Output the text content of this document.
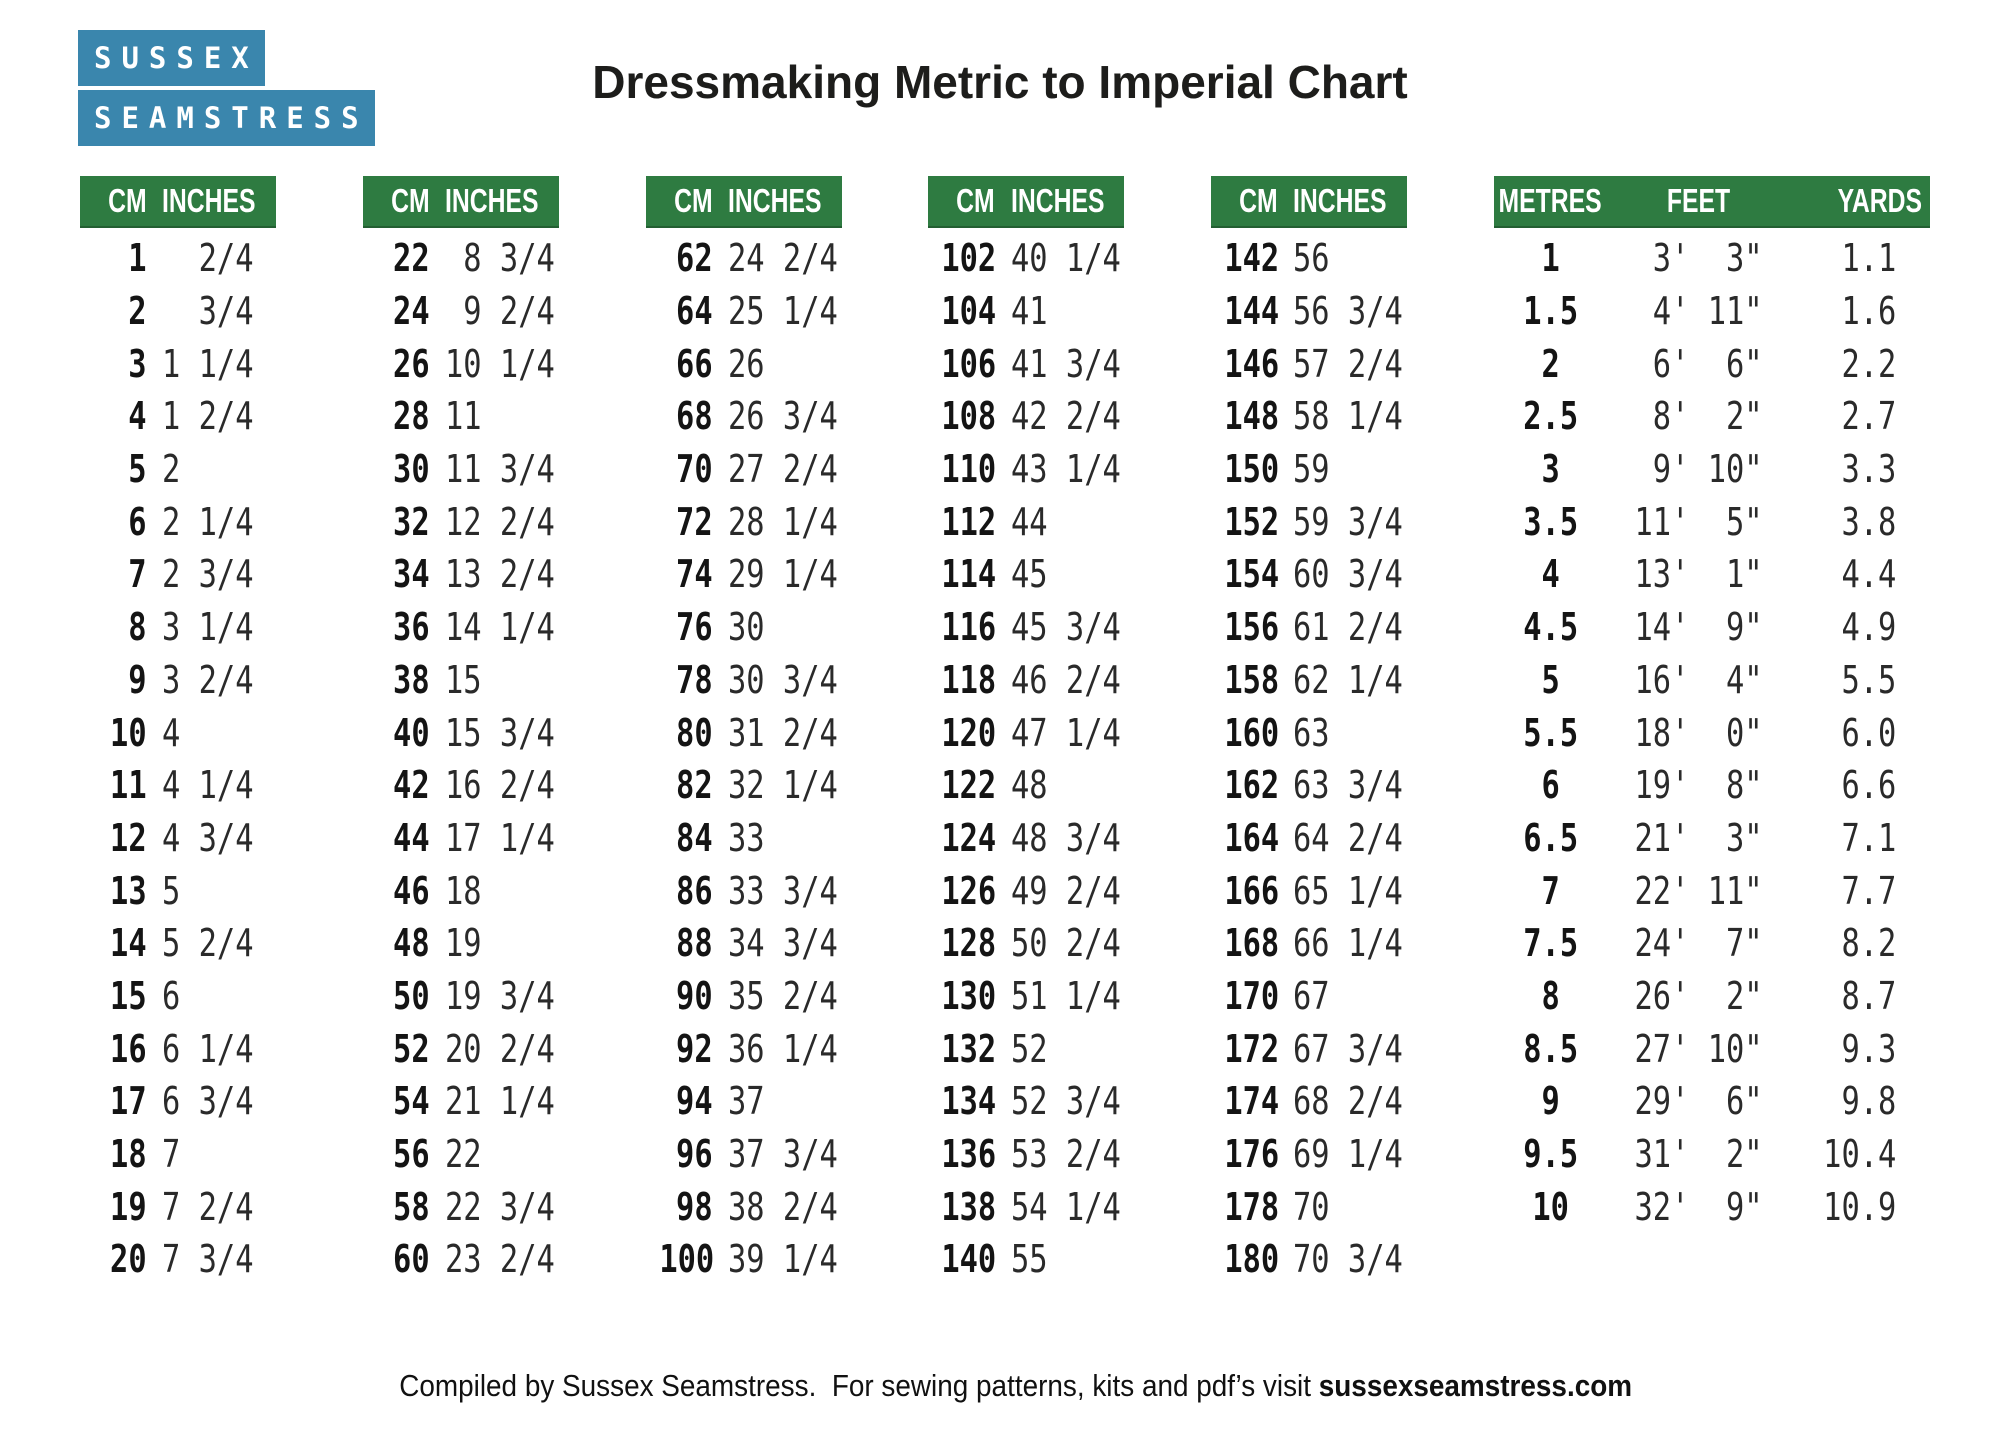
SUSSEX
SEAMSTRESS
Dressmaking Metric to Imperial Chart
CM INCHES
1 2/4
2 3/4
3 1 1/4
4 1 2/4
5 2
6 2 1/4
7 2 3/4
8 3 1/4
9 3 2/4
10 4
11 4 1/4
12 4 3/4
13 5
14 5 2/4
15 6
16 6 1/4
17 6 3/4
18 7
19 7 2/4
20 7 3/4
CM INCHES
22 8 3/4
24 9 2/4
26 10 1/4
28 11
30 11 3/4
32 12 2/4
34 13 2/4
36 14 1/4
38 15
40 15 3/4
42 16 2/4
44 17 1/4
46 18
48 19
50 19 3/4
52 20 2/4
54 21 1/4
56 22
58 22 3/4
60 23 2/4
CM INCHES
62 24 2/4
64 25 1/4
66 26
68 26 3/4
70 27 2/4
72 28 1/4
74 29 1/4
76 30
78 30 3/4
80 31 2/4
82 32 1/4
84 33
86 33 3/4
88 34 3/4
90 35 2/4
92 36 1/4
94 37
96 37 3/4
98 38 2/4
100 39 1/4
CM INCHES
102 40 1/4
104 41
106 41 3/4
108 42 2/4
110 43 1/4
112 44
114 45
116 45 3/4
118 46 2/4
120 47 1/4
122 48
124 48 3/4
126 49 2/4
128 50 2/4
130 51 1/4
132 52
134 52 3/4
136 53 2/4
138 54 1/4
140 55
CM INCHES
142 56
144 56 3/4
146 57 2/4
148 58 1/4
150 59
152 59 3/4
154 60 3/4
156 61 2/4
158 62 1/4
160 63
162 63 3/4
164 64 2/4
166 65 1/4
168 66 1/4
170 67
172 67 3/4
174 68 2/4
176 69 1/4
178 70
180 70 3/4
METRES	FEET	YARDS
1	3'  3"	1.1
1.5	4' 11"	1.6
2	6'  6"	2.2
2.5	8'  2"	2.7
3	9' 10"	3.3
3.5	11'  5"	3.8
4	13'  1"	4.4
4.5	14'  9"	4.9
5	16'  4"	5.5
5.5	18'  0"	6.0
6	19'  8"	6.6
6.5	21'  3"	7.1
7	22' 11"	7.7
7.5	24'  7"	8.2
8	26'  2"	8.7
8.5	27' 10"	9.3
9	29'  6"	9.8
9.5	31'  2"	10.4
10	32'  9"	10.9

Compiled by Sussex Seamstress.  For sewing patterns, kits and pdf’s visit sussexseamstress.com
